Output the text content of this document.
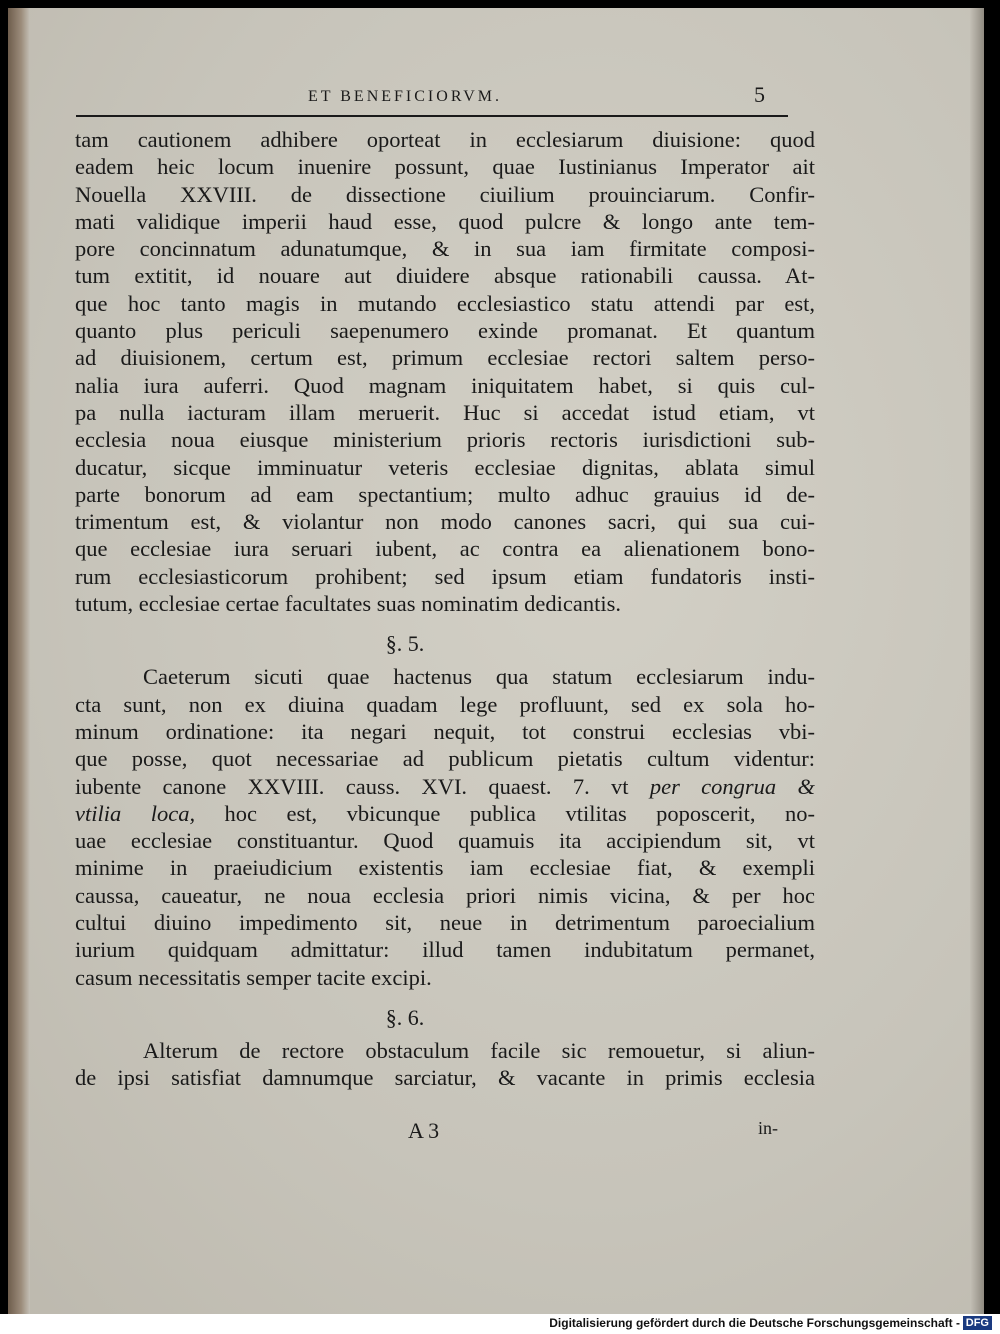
ET BENEFICIORVM.	5
tam cautionem adhibere oporteat in ecclesiarum diuisione: quod
eadem heic locum inuenire possunt, quae Iustinianus Imperator ait
Nouella XXVIII. de dissectione ciuilium prouinciarum. Confir-
mati validique imperii haud esse, quod pulcre & longo ante tem-
pore concinnatum adunatumque, & in sua iam firmitate composi-
tum extitit, id nouare aut diuidere absque rationabili caussa. At-
que hoc tanto magis in mutando ecclesiastico statu attendi par est,
quanto plus periculi saepenumero exinde promanat. Et quantum
ad diuisionem, certum est, primum ecclesiae rectori saltem perso-
nalia iura auferri. Quod magnam iniquitatem habet, si quis cul-
pa nulla iacturam illam meruerit. Huc si accedat istud etiam, vt
ecclesia noua eiusque ministerium prioris rectoris iurisdictioni sub-
ducatur, sicque imminuatur veteris ecclesiae dignitas, ablata simul
parte bonorum ad eam spectantium; multo adhuc grauius id de-
trimentum est, & violantur non modo canones sacri, qui sua cui-
que ecclesiae iura seruari iubent, ac contra ea alienationem bono-
rum ecclesiasticorum prohibent; sed ipsum etiam fundatoris insti-
tutum, ecclesiae certae facultates suas nominatim dedicantis.
§. 5.
Caeterum sicuti quae hactenus qua statum ecclesiarum indu-
cta sunt, non ex diuina quadam lege profluunt, sed ex sola ho-
minum ordinatione: ita negari nequit, tot construi ecclesias vbi-
que posse, quot necessariae ad publicum pietatis cultum videntur:
iubente canone XXVIII. causs. XVI. quaest. 7. vt per congrua &
vtilia loca, hoc est, vbicunque publica vtilitas poposcerit, no-
uae ecclesiae constituantur. Quod quamuis ita accipiendum sit, vt
minime in praeiudicium existentis iam ecclesiae fiat, & exempli
caussa, caueatur, ne noua ecclesia priori nimis vicina, & per hoc
cultui diuino impedimento sit, neue in detrimentum paroecialium
iurium quidquam admittatur: illud tamen indubitatum permanet,
casum necessitatis semper tacite excipi.
§. 6.
Alterum de rectore obstaculum facile sic remouetur, si aliun-
de ipsi satisfiat damnumque sarciatur, & vacante in primis ecclesia
A 3	in-
Digitalisierung gefördert durch die Deutsche Forschungsgemeinschaft - DFG
